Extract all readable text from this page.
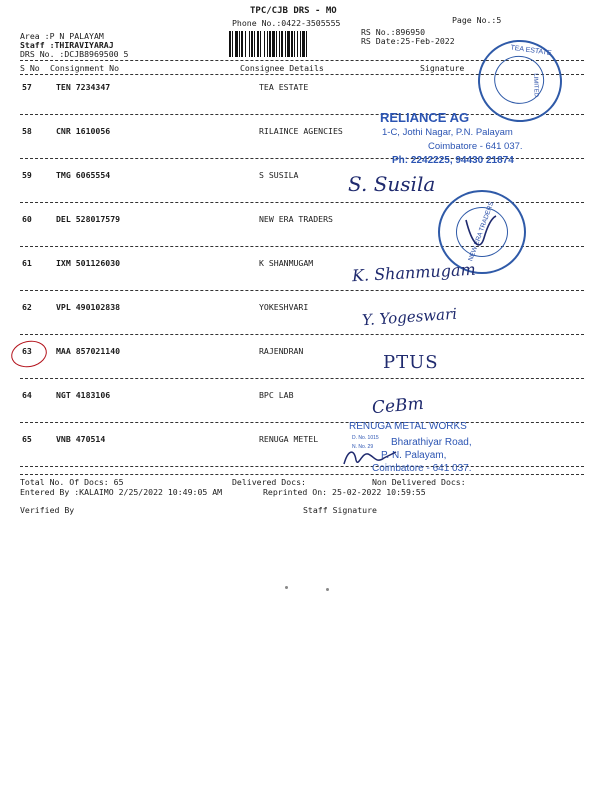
TPC/CJB DRS - MO
Phone No.:0422-3505555	Page No.:5
Area :P N PALAYAM
Staff :THIRAVIYARAJ
DRS No. :DCJB8969500 5
RS No.:896950
RS Date:25-Feb-2022
S No Consignment No	Consignee Details	Signature
57	TEN 7234347	TEA ESTATE
58	CNR 1610056	RILAINCE AGENCIES
59	TMG 6065554	S SUSILA
60	DEL 528017579	NEW ERA TRADERS
61	IXM 501126030	K SHANMUGAM
62	VPL 490102838	YOKESHVARI
63	MAA 857021140	RAJENDRAN
64	NGT 4183106	BPC LAB
65	VNB 470514	RENUGA METEL
TEA ESTATE
LIMITED
RELIANCE AG
1-C, Jothi Nagar, P.N. Palayam
Coimbatore - 641 037.
Ph: 2242225, 94430 21874
NEW ERA TRADERS
RENUGA METAL WORKS
D. No. 1015
N. No. 29 Bharathiyar Road,
P. N. Palayam,
Coimbatore - 641 037.
S. Susila
K. Shanmugam
Y. Yogeswari
PTUS
CeBm
Total No. Of Docs: 65	Delivered Docs:	Non Delivered Docs:
Entered By :KALAIMO 2/25/2022 10:49:05 AM	Reprinted On: 25-02-2022 10:59:55
Verified By	Staff Signature
